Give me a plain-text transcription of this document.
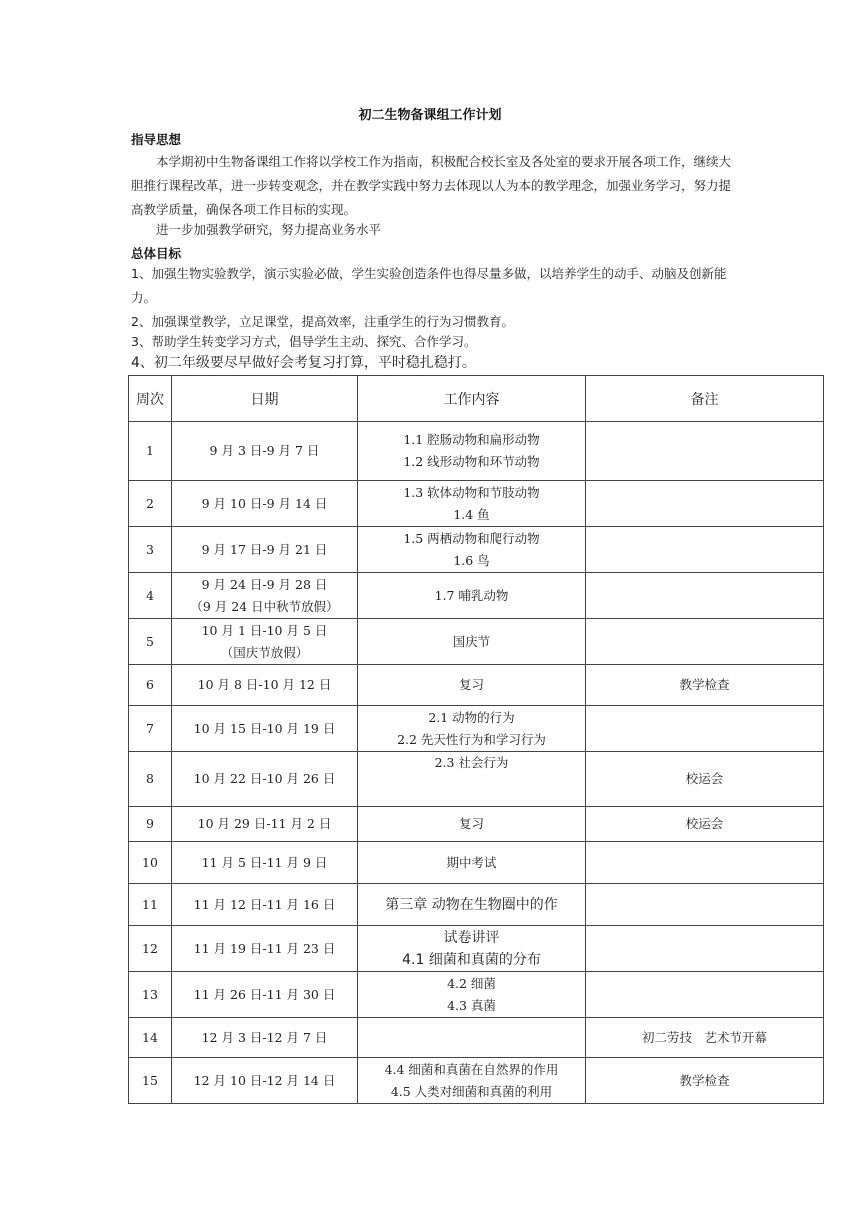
初二生物备课组工作计划
指导思想
本学期初中生物备课组工作将以学校工作为指南，积极配合校长室及各处室的要求开展各项工作，继续大胆推行课程改革，进一步转变观念，并在教学实践中努力去体现以人为本的教学理念，加强业务学习，努力提高教学质量，确保各项工作目标的实现。
进一步加强教学研究，努力提高业务水平
总体目标
1、加强生物实验教学，演示实验必做，学生实验创造条件也得尽量多做，以培养学生的动手、动脑及创新能力。
2、加强课堂教学，立足课堂，提高效率，注重学生的行为习惯教育。
3、帮助学生转变学习方式，倡导学生主动、探究、合作学习。
4、初二年级要尽早做好会考复习打算，平时稳扎稳打。
周次	日期	工作内容	备注
1	9 月 3 日-9 月 7 日	1.1 腔肠动物和扁形动物
1.2 线形动物和环节动物	

2	9 月 10 日-9 月 14 日	1.3 软体动物和节肢动物
1.4 鱼	

3	9 月 17 日-9 月 21 日	1.5 两栖动物和爬行动物
1.6 鸟	

4	9 月 24 日-9 月 28 日
（9 月 24 日中秋节放假）	1.7 哺乳动物	

5	10 月 1 日-10 月 5 日
（国庆节放假）	国庆节	

6	10 月 8 日-10 月 12 日	复习	教学检查
7	10 月 15 日-10 月 19 日	2.1 动物的行为
2.2 先天性行为和学习行为	

8	10 月 22 日-10 月 26 日	2.3 社会行为	校运会
9	10 月 29 日-11 月 2 日	复习	校运会
10	11 月 5 日-11 月 9 日	期中考试	

11	11 月 12 日-11 月 16 日	第三章 动物在生物圈中的作	

12	11 月 19 日-11 月 23 日	试卷讲评
4.1 细菌和真菌的分布	

13	11 月 26 日-11 月 30 日	4.2 细菌
4.3 真菌	

14	12 月 3 日-12 月 7 日		初二劳技　艺术节开幕
15	12 月 10 日-12 月 14 日	4.4 细菌和真菌在自然界的作用
4.5 人类对细菌和真菌的利用	教学检查
